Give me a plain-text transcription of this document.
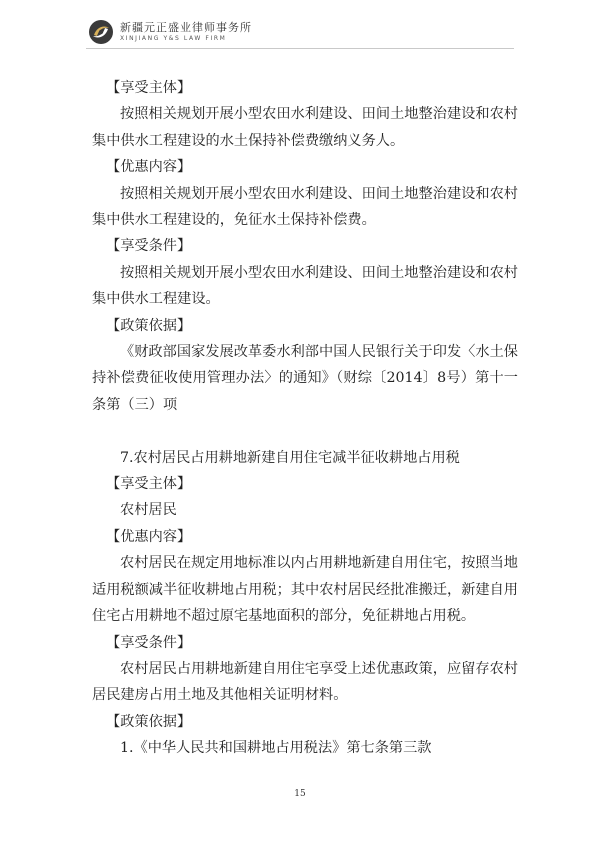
新疆元正盛业律师事务所
XINJIANG Y&S LAW FIRM

【享受主体】

按照相关规划开展小型农田水利建设、田间土地整治建设和农村集中供水工程建设的水土保持补偿费缴纳义务人。

【优惠内容】

按照相关规划开展小型农田水利建设、田间土地整治建设和农村集中供水工程建设的，免征水土保持补偿费。

【享受条件】

按照相关规划开展小型农田水利建设、田间土地整治建设和农村集中供水工程建设。

【政策依据】

《财政部国家发展改革委水利部中国人民银行关于印发〈水土保持补偿费征收使用管理办法〉的通知》（财综〔2014〕8号）第十一条第（三）项

7.农村居民占用耕地新建自用住宅减半征收耕地占用税

【享受主体】

农村居民

【优惠内容】

农村居民在规定用地标准以内占用耕地新建自用住宅，按照当地适用税额减半征收耕地占用税；其中农村居民经批准搬迁，新建自用住宅占用耕地不超过原宅基地面积的部分，免征耕地占用税。

【享受条件】

农村居民占用耕地新建自用住宅享受上述优惠政策，应留存农村居民建房占用土地及其他相关证明材料。

【政策依据】

1.《中华人民共和国耕地占用税法》第七条第三款

15
